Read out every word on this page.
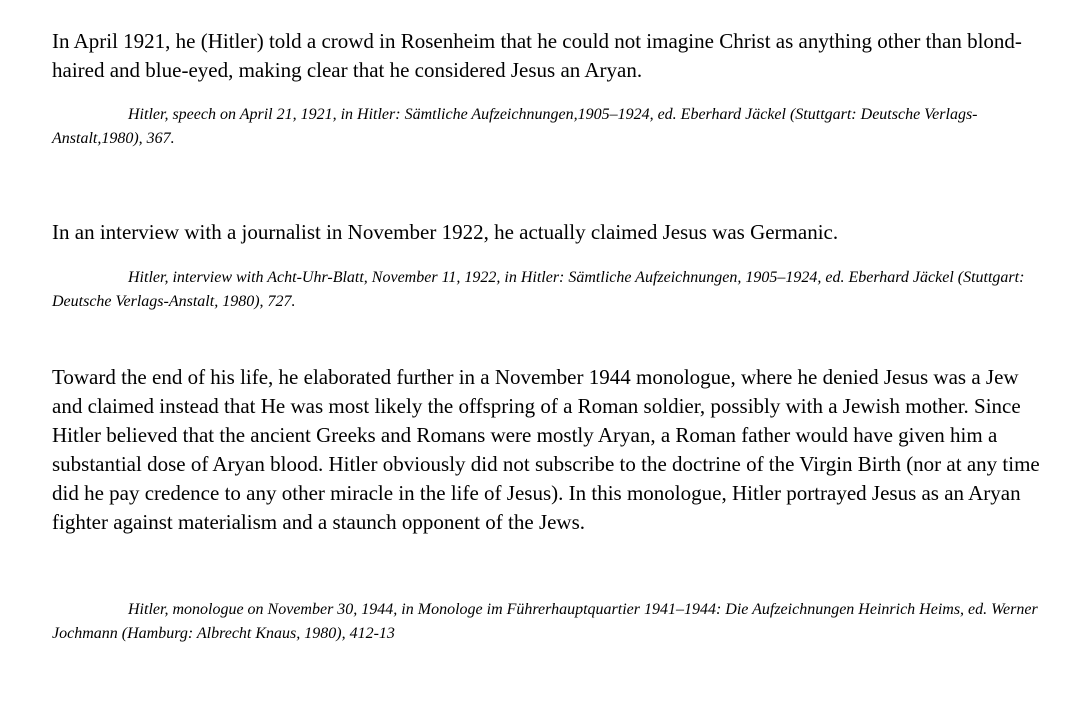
In April 1921, he (Hitler) told a crowd in Rosenheim that he could not imagine Christ as anything other than blond-haired and blue-eyed, making clear that he considered Jesus an Aryan.

Hitler, speech on April 21, 1921, in Hitler: Sämtliche Aufzeichnungen,1905–1924, ed. Eberhard Jäckel (Stuttgart: Deutsche Verlags-Anstalt,1980), 367.

In an interview with a journalist in November 1922, he actually claimed Jesus was Germanic.

Hitler, interview with Acht-Uhr-Blatt, November 11, 1922, in Hitler: Sämtliche Aufzeichnungen, 1905–1924, ed. Eberhard Jäckel (Stuttgart: Deutsche Verlags-Anstalt, 1980), 727.

Toward the end of his life, he elaborated further in a November 1944 monologue, where he denied Jesus was a Jew and claimed instead that He was most likely the offspring of a Roman soldier, possibly with a Jewish mother. Since Hitler believed that the ancient Greeks and Romans were mostly Aryan, a Roman father would have given him a substantial dose of Aryan blood. Hitler obviously did not subscribe to the doctrine of the Virgin Birth (nor at any time did he pay credence to any other miracle in the life of Jesus). In this monologue, Hitler portrayed Jesus as an Aryan fighter against materialism and a staunch opponent of the Jews.

Hitler, monologue on November 30, 1944, in Monologe im Führerhauptquartier 1941–1944: Die Aufzeichnungen Heinrich Heims, ed. Werner Jochmann (Hamburg: Albrecht Knaus, 1980), 412-13
